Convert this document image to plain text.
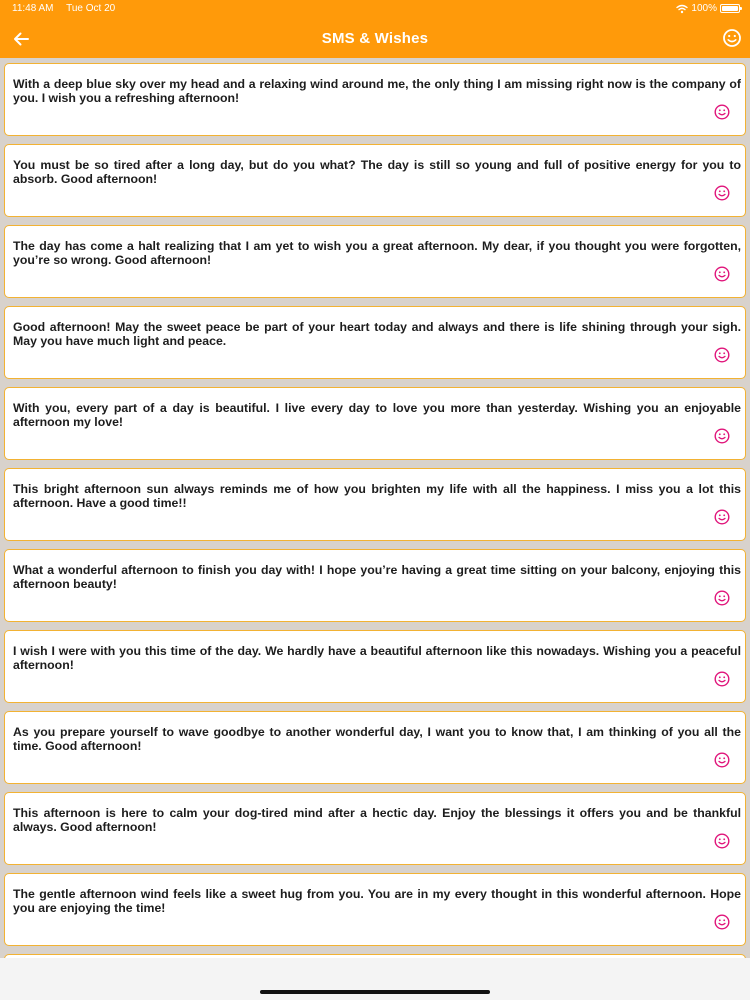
11:48 AM Tue Oct 20	100%
SMS & Wishes
With a deep blue sky over my head and a relaxing wind around me, the only thing I am missing right now is the company of you. I wish you a refreshing afternoon!
You must be so tired after a long day, but do you what? The day is still so young and full of positive energy for you to absorb. Good afternoon!
The day has come a halt realizing that I am yet to wish you a great afternoon. My dear, if you thought you were forgotten, you’re so wrong. Good afternoon!
Good afternoon! May the sweet peace be part of your heart today and always and there is life shining through your sigh. May you have much light and peace.
With you, every part of a day is beautiful. I live every day to love you more than yesterday. Wishing you an enjoyable afternoon my love!
This bright afternoon sun always reminds me of how you brighten my life with all the happiness. I miss you a lot this afternoon. Have a good time!!
What a wonderful afternoon to finish you day with! I hope you’re having a great time sitting on your balcony, enjoying this afternoon beauty!
I wish I were with you this time of the day. We hardly have a beautiful afternoon like this nowadays. Wishing you a peaceful afternoon!
As you prepare yourself to wave goodbye to another wonderful day, I want you to know that, I am thinking of you all the time. Good afternoon!
This afternoon is here to calm your dog-tired mind after a hectic day. Enjoy the blessings it offers you and be thankful always. Good afternoon!
The gentle afternoon wind feels like a sweet hug from you. You are in my every thought in this wonderful afternoon. Hope you are enjoying the time!
